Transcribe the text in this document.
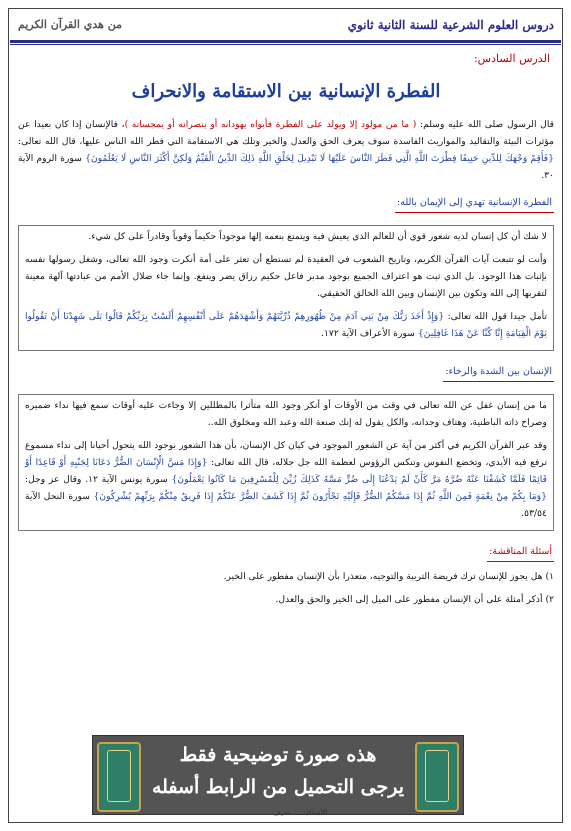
دروس العلوم الشرعية للسنة الثانية ثانوي
من هدي القرآن الكريم
الدرس السادس:
الفطرة الإنسانية بين الاستقامة والانحراف

قال الرسول صلى الله عليه وسلم: ( ما من مولود إلا ويولد على الفطرة فأبواه يهودانه أو ينصرانه أو يمجسانه )، فالإنسان إذا كان بعيدا عن مؤثرات البيئة والتقاليد والمواريث الفاسدة سوف يعرف الحق والعدل والخير وتلك هي الاستقامة التي فطر الله الناس عليها، قال الله تعالى: {فَأَقِمْ وَجْهَكَ لِلدِّينِ حَنِيفًا فِطْرَتَ اللَّهِ الَّتِي فَطَرَ النَّاسَ عَلَيْهَا لَا تَبْدِيلَ لِخَلْقِ اللَّهِ ذَلِكَ الدِّينُ الْقَيِّمُ وَلَكِنَّ أَكْثَرَ النَّاسِ لَا يَعْلَمُونَ} سورة الروم الآية ٣٠.

الفطرة الإنسانية تهدي إلى الإيمان بالله:

لا شك أن كل إنسان لديه شعور قوي أن للعالم الذي يعيش فيه ويتمتع بنعمه إلها موجوداً حكيماً وقوياً وقادراً على كل شيء.

وأنت لو تتبعت آيات القرآن الكريم، وتاريخ الشعوب في العقيدة لم تستطع أن تعثر على أمة أنكرت وجود الله تعالى، وشغل رسولها نفسه بإثبات هذا الوجود. بل الذي ثبت هو اعتراف الجميع بوجود مدبر فاعل حكيم رزاق يضر وينفع. وإنما جاء ضلال الأمم من عبادتها آلهة معينة لتقربها إلى الله وتكون بين الإنسان وبين الله الخالق الحقيقي.

تأمل جيدا قول الله تعالى: {وَإِذْ أَخَذَ رَبُّكَ مِنْ بَنِي آدَمَ مِنْ ظُهُورِهِمْ ذُرِّيَّتَهُمْ وَأَشْهَدَهُمْ عَلَى أَنْفُسِهِمْ أَلَسْتُ بِرَبِّكُمْ قَالُوا بَلَى شَهِدْنَا أَنْ تَقُولُوا يَوْمَ الْقِيَامَةِ إِنَّا كُنَّا عَنْ هَذَا غَافِلِينَ} سورة الأعراف الآية ١٧٢.

الإنسان بين الشدة والرخاء:

ما من إنسان غفل عن الله تعالى في وقت من الأوقات أو أنكر وجود الله متأثرا بالمظللين إلا وجاءت عليه أوقات سمع فيها نداء ضميره وصراخ ذاته الباطنية، وهتاف وجدانه، والكل يقول له إنك صنعة الله وعبد الله ومخلوق الله..

وقد عبر القرآن الكريم في أكثر من آية عن الشعور الموجود في كيان كل الإنسان، بأن هذا الشعور بوجود الله يتحول أحيانا إلى نداء مسموع ترفع فيه الأيدي، وتخضع النفوس وتنكس الرؤوس لعظمة الله جل جلاله، قال الله تعالى: {وَإِذَا مَسَّ الْإِنْسَانَ الضُّرُّ دَعَانَا لِجَنْبِهِ أَوْ قَاعِدًا أَوْ قَائِمًا فَلَمَّا كَشَفْنَا عَنْهُ ضُرَّهُ مَرَّ كَأَنْ لَمْ يَدْعُنَا إِلَى ضُرٍّ مَسَّهُ كَذَلِكَ زُيِّنَ لِلْمُسْرِفِينَ مَا كَانُوا يَعْمَلُونَ} سورة يونس الآية ١٢. وقال عز وجل: {وَمَا بِكُمْ مِنْ نِعْمَةٍ فَمِنَ اللَّهِ ثُمَّ إِذَا مَسَّكُمُ الضُّرُّ فَإِلَيْهِ تَجْأَرُونَ ثُمَّ إِذَا كَشَفَ الضُّرَّ عَنْكُمْ إِذَا فَرِيقٌ مِنْكُمْ بِرَبِّهِمْ يُشْرِكُونَ} سورة النحل الآية ٥٣/٥٤.

أسئلة المناقشة:
١) هل يجوز للإنسان ترك فريضة التربية والتوجيه، متعذرا بأن الإنسان مفطور على الخير.
٢) أذكر أمثلة على أن الإنسان مفطور على الميل إلى الخير والحق والعدل.
هذه صورة توضيحية فقط
يرجى التحميل من الرابط أسفله
الأستاذ: ... ضيف
